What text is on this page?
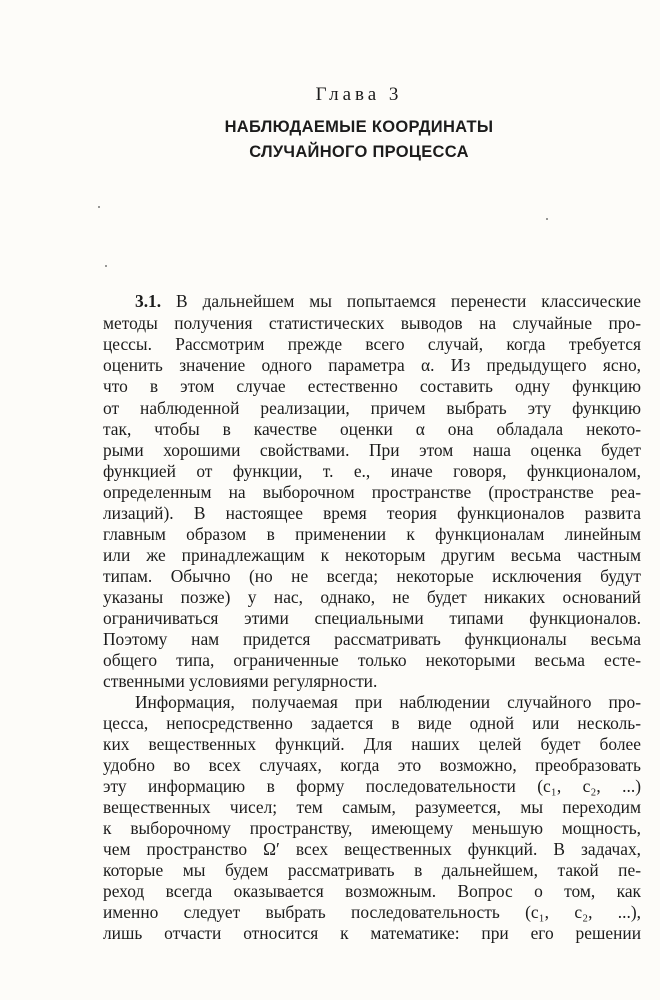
Глава 3
НАБЛЮДАЕМЫЕ КООРДИНАТЫ
СЛУЧАЙНОГО ПРОЦЕССА
3.1. В дальнейшем мы попытаемся перенести классические
методы получения статистических выводов на случайные про-
цессы. Рассмотрим прежде всего случай, когда требуется
оценить значение одного параметра α. Из предыдущего ясно,
что в этом случае естественно составить одну функцию
от наблюденной реализации, причем выбрать эту функцию
так, чтобы в качестве оценки α она обладала некото-
рыми хорошими свойствами. При этом наша оценка будет
функцией от функции, т. е., иначе говоря, функционалом,
определенным на выборочном пространстве (пространстве реа-
лизаций). В настоящее время теория функционалов развита
главным образом в применении к функционалам линейным
или же принадлежащим к некоторым другим весьма частным
типам. Обычно (но не всегда; некоторые исключения будут
указаны позже) у нас, однако, не будет никаких оснований
ограничиваться этими специальными типами функционалов.
Поэтому нам придется рассматривать функционалы весьма
общего типа, ограниченные только некоторыми весьма есте-
ственными условиями регулярности.
Информация, получаемая при наблюдении случайного про-
цесса, непосредственно задается в виде одной или несколь-
ких вещественных функций. Для наших целей будет более
удобно во всех случаях, когда это возможно, преобразовать
эту информацию в форму последовательности (c₁, c₂, ...)
вещественных чисел; тем самым, разумеется, мы переходим
к выборочному пространству, имеющему меньшую мощность,
чем пространство Ω′ всех вещественных функций. В задачах,
которые мы будем рассматривать в дальнейшем, такой пе-
реход всегда оказывается возможным. Вопрос о том, как
именно следует выбрать последовательность (c₁, c₂, ...),
лишь отчасти относится к математике: при его решении
